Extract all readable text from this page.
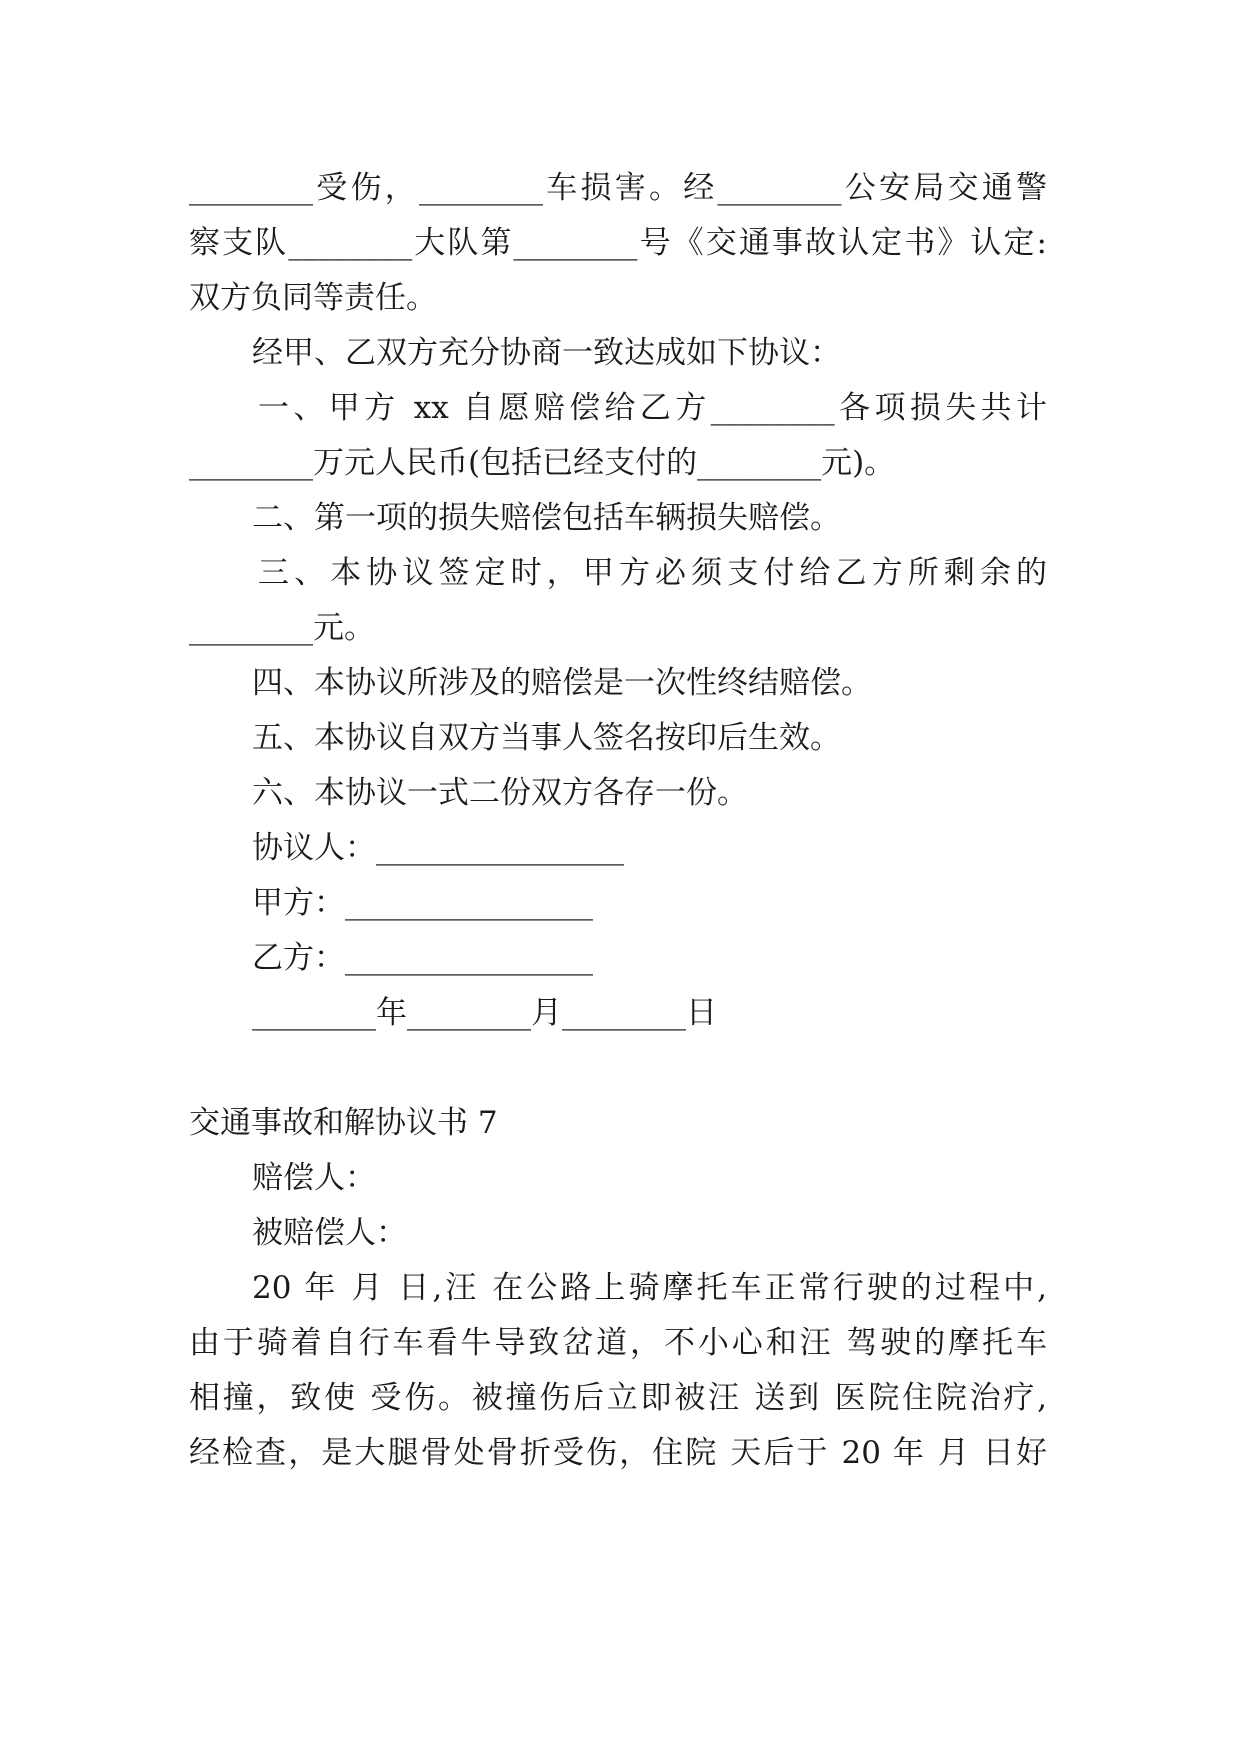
________受伤，________车损害。经________公安局交通警
察支队________大队第________号《交通事故认定书》认定:
双方负同等责任。
经甲、乙双方充分协商一致达成如下协议：
一、甲方 xx 自愿赔偿给乙方________各项损失共计
________万元人民币(包括已经支付的________元)。
二、第一项的损失赔偿包括车辆损失赔偿。
三、本协议签定时，甲方必须支付给乙方所剩余的
________元。
四、本协议所涉及的赔偿是一次性终结赔偿。
五、本协议自双方当事人签名按印后生效。
六、本协议一式二份双方各存一份。
协议人：________________
甲方：________________
乙方：________________
________年________月________日
交通事故和解协议书 7
赔偿人：
被赔偿人：
20 年 月 日,汪 在公路上骑摩托车正常行驶的过程中,
由于骑着自行车看牛导致岔道，不小心和汪 驾驶的摩托车
相撞，致使 受伤。被撞伤后立即被汪 送到 医院住院治疗,
经检查，是大腿骨处骨折受伤，住院 天后于 20 年 月 日好
